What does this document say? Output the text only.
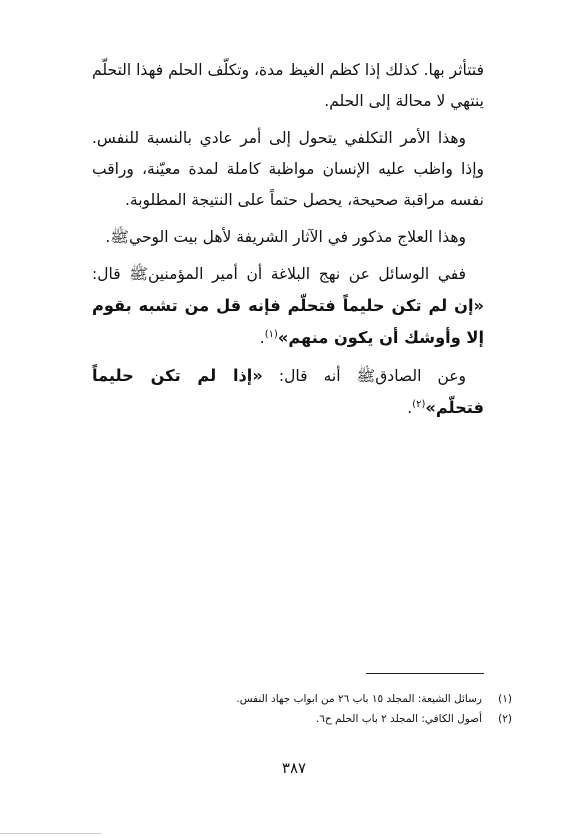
فتتأثر بها. كذلك إذا كظم الغيظ مدة، وتكلّف الحلم فهذا التحلّم ينتهي لا محالة إلى الحلم.

وهذا الأمر التكلفي يتحول إلى أمر عادي بالنسبة للنفس. وإذا واظب عليه الإنسان مواظبة كاملة لمدة معيّنة، وراقب نفسه مراقبة صحيحة، يحصل حتماً على النتيجة المطلوبة.

وهذا العلاج مذكور في الآثار الشريفة لأهل بيت الوحيﷺ.

ففي الوسائل عن نهج البلاغة أن أمير المؤمنينﷺ قال: «إن لم تكن حليماً فتحلّم فإنه قل من تشبه بقوم إلا وأوشك أن يكون منهم»$^{(١)}$.

وعن الصادقﷺ أنه قال: «إذا لم تكن حليماً فتحلّم»$^{(٢)}$.

(١)
رسائل الشيعة: المجلد ١٥ باب ٢٦ من ابواب جهاد النفس.
(٢)
أصول الكافي: المجلد ٢ باب الحلم ح٦.
٣٨٧
